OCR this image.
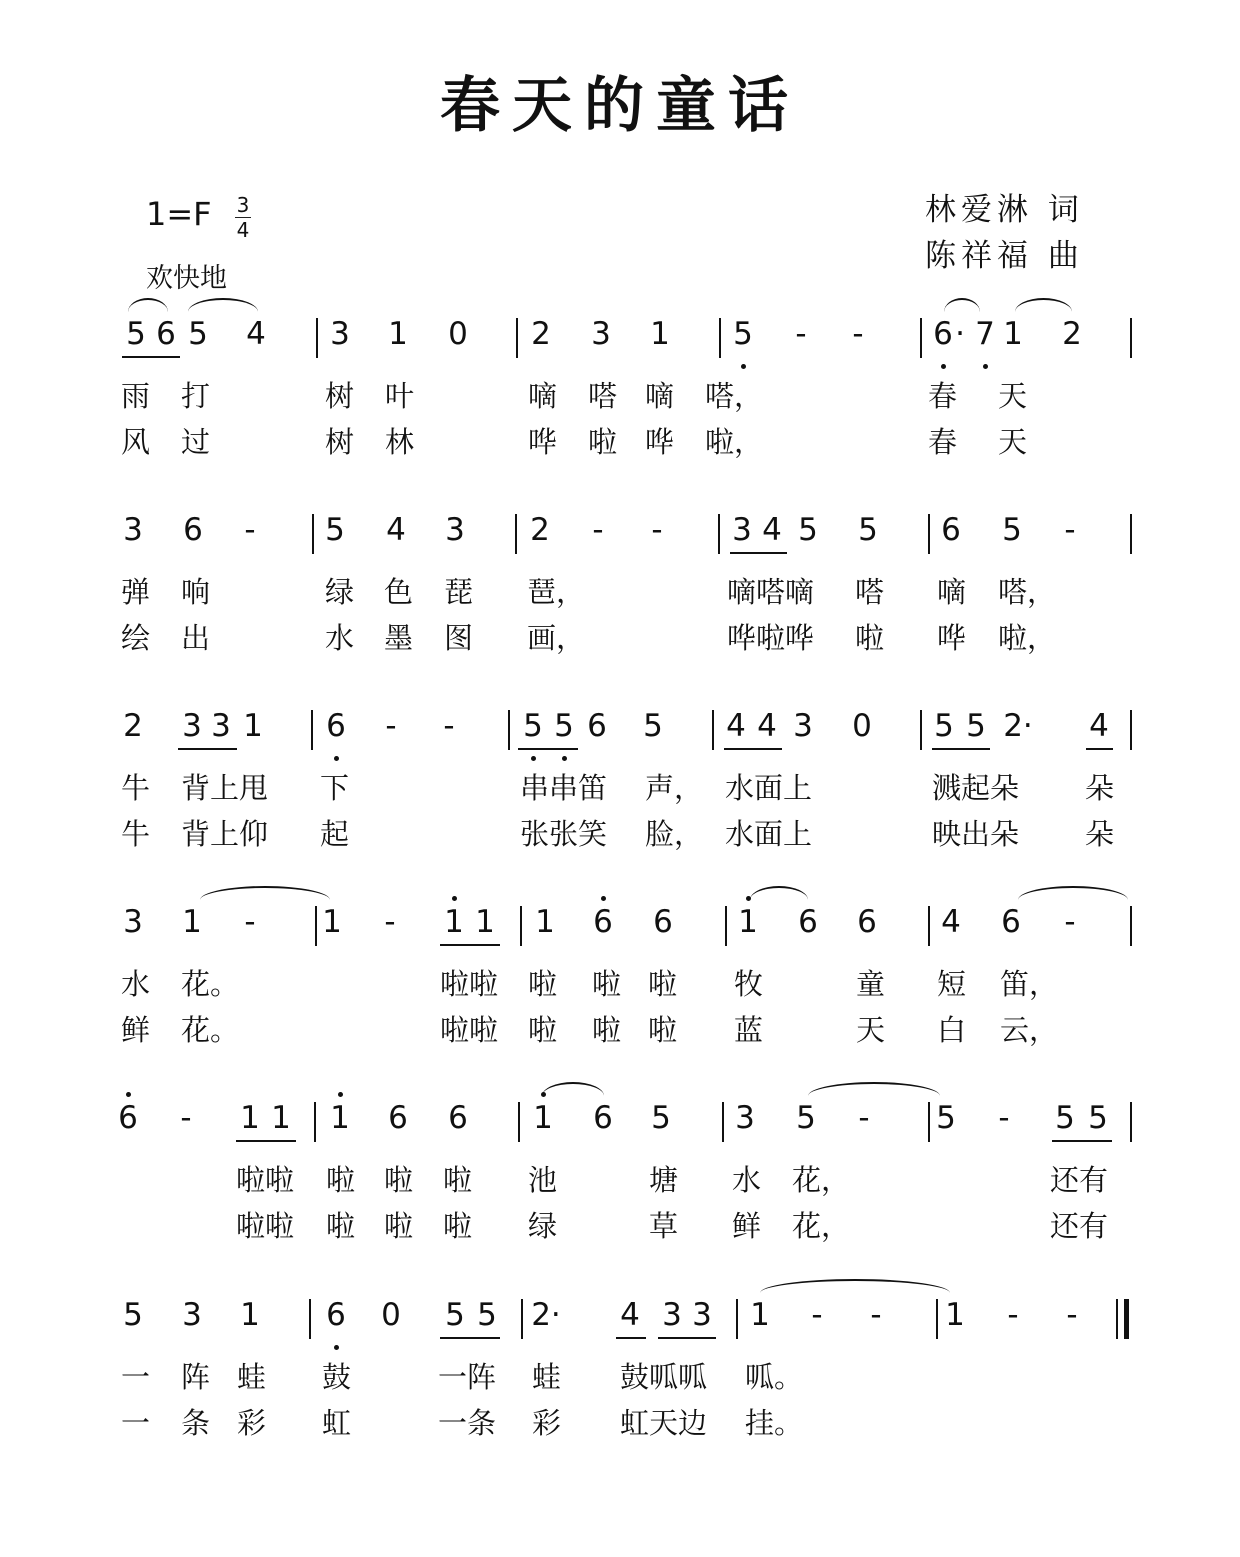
春天的童话
1=F 3
4
欢快地
林爱淋 词
陈祥福 曲
5 6 5 4 3 1 0 2 3 1 5	-	-	6 · 7 1 2
雨 打	树 叶	嘀 嗒 嘀 嗒，	春 天
风 过	树 林	哗 啦 哗 啦，	春 天
3 6	-	5 4 3 2	-	-	3 4 5 5 6 5	-
弹 响	绿 色 琵 琶，	嘀嗒嘀 嗒 嘀 嗒，
绘 出	水 墨 图 画，	哗啦哗 啦 哗 啦，
2 3 3 1 6	-	-	5 5 6 5 4 4 3 0 5 5 2· 4
牛 背上甩 下	串串笛 声， 水面上	溅起朵 朵
牛 背上仰 起	张张笑 脸， 水面上	映出朵 朵
3 1	-	1	-	1 1 1 6 6 1 6 6 4 6	-
水 花。	啦啦 啦 啦 啦 牧	童 短 笛，
鲜 花。	啦啦 啦 啦 啦 蓝	天 白 云，
6	-	1 1 1 6 6 1 6 5 3 5	-	5	-	5 5
啦啦 啦 啦 啦 池	塘 水 花，	还有
啦啦 啦 啦 啦 绿	草 鲜 花，	还有
5 3 1 6 0 5 5 2· 4 3 3 1	-	-	1	-	-
一 阵 蛙 鼓	一阵 蛙 鼓呱呱 呱。
一 条 彩 虹	一条 彩 虹天边 挂。
